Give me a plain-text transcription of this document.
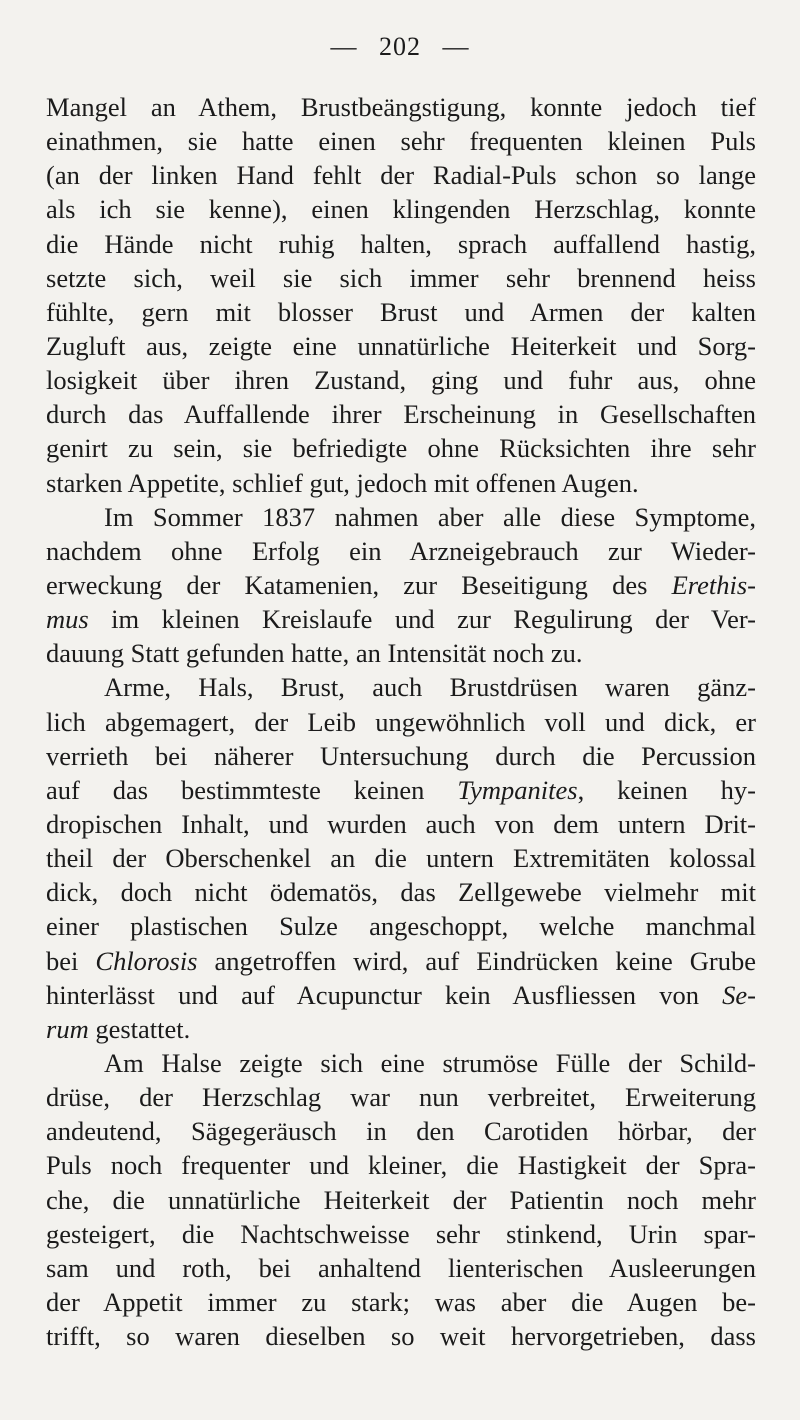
— 202 —
Mangel an Athem, Brustbeängstigung, konnte jedoch tief
einathmen, sie hatte einen sehr frequenten kleinen Puls
(an der linken Hand fehlt der Radial-Puls schon so lange
als ich sie kenne), einen klingenden Herzschlag, konnte
die Hände nicht ruhig halten, sprach auffallend hastig,
setzte sich, weil sie sich immer sehr brennend heiss
fühlte, gern mit blosser Brust und Armen der kalten
Zugluft aus, zeigte eine unnatürliche Heiterkeit und Sorg-
losigkeit über ihren Zustand, ging und fuhr aus, ohne
durch das Auffallende ihrer Erscheinung in Gesellschaften
genirt zu sein, sie befriedigte ohne Rücksichten ihre sehr
starken Appetite, schlief gut, jedoch mit offenen Augen.
Im Sommer 1837 nahmen aber alle diese Symptome,
nachdem ohne Erfolg ein Arzneigebrauch zur Wieder-
erweckung der Katamenien, zur Beseitigung des Erethis-
mus im kleinen Kreislaufe und zur Regulirung der Ver-
dauung Statt gefunden hatte, an Intensität noch zu.
Arme, Hals, Brust, auch Brustdrüsen waren gänz-
lich abgemagert, der Leib ungewöhnlich voll und dick, er
verrieth bei näherer Untersuchung durch die Percussion
auf das bestimmteste keinen Tympanites, keinen hy-
dropischen Inhalt, und wurden auch von dem untern Drit-
theil der Oberschenkel an die untern Extremitäten kolossal
dick, doch nicht ödematös, das Zellgewebe vielmehr mit
einer plastischen Sulze angeschoppt, welche manchmal
bei Chlorosis angetroffen wird, auf Eindrücken keine Grube
hinterlässt und auf Acupunctur kein Ausfliessen von Se-
rum gestattet.
Am Halse zeigte sich eine strumöse Fülle der Schild-
drüse, der Herzschlag war nun verbreitet, Erweiterung
andeutend, Sägegeräusch in den Carotiden hörbar, der
Puls noch frequenter und kleiner, die Hastigkeit der Spra-
che, die unnatürliche Heiterkeit der Patientin noch mehr
gesteigert, die Nachtschweisse sehr stinkend, Urin spar-
sam und roth, bei anhaltend lienterischen Ausleerungen
der Appetit immer zu stark; was aber die Augen be-
trifft, so waren dieselben so weit hervorgetrieben, dass
